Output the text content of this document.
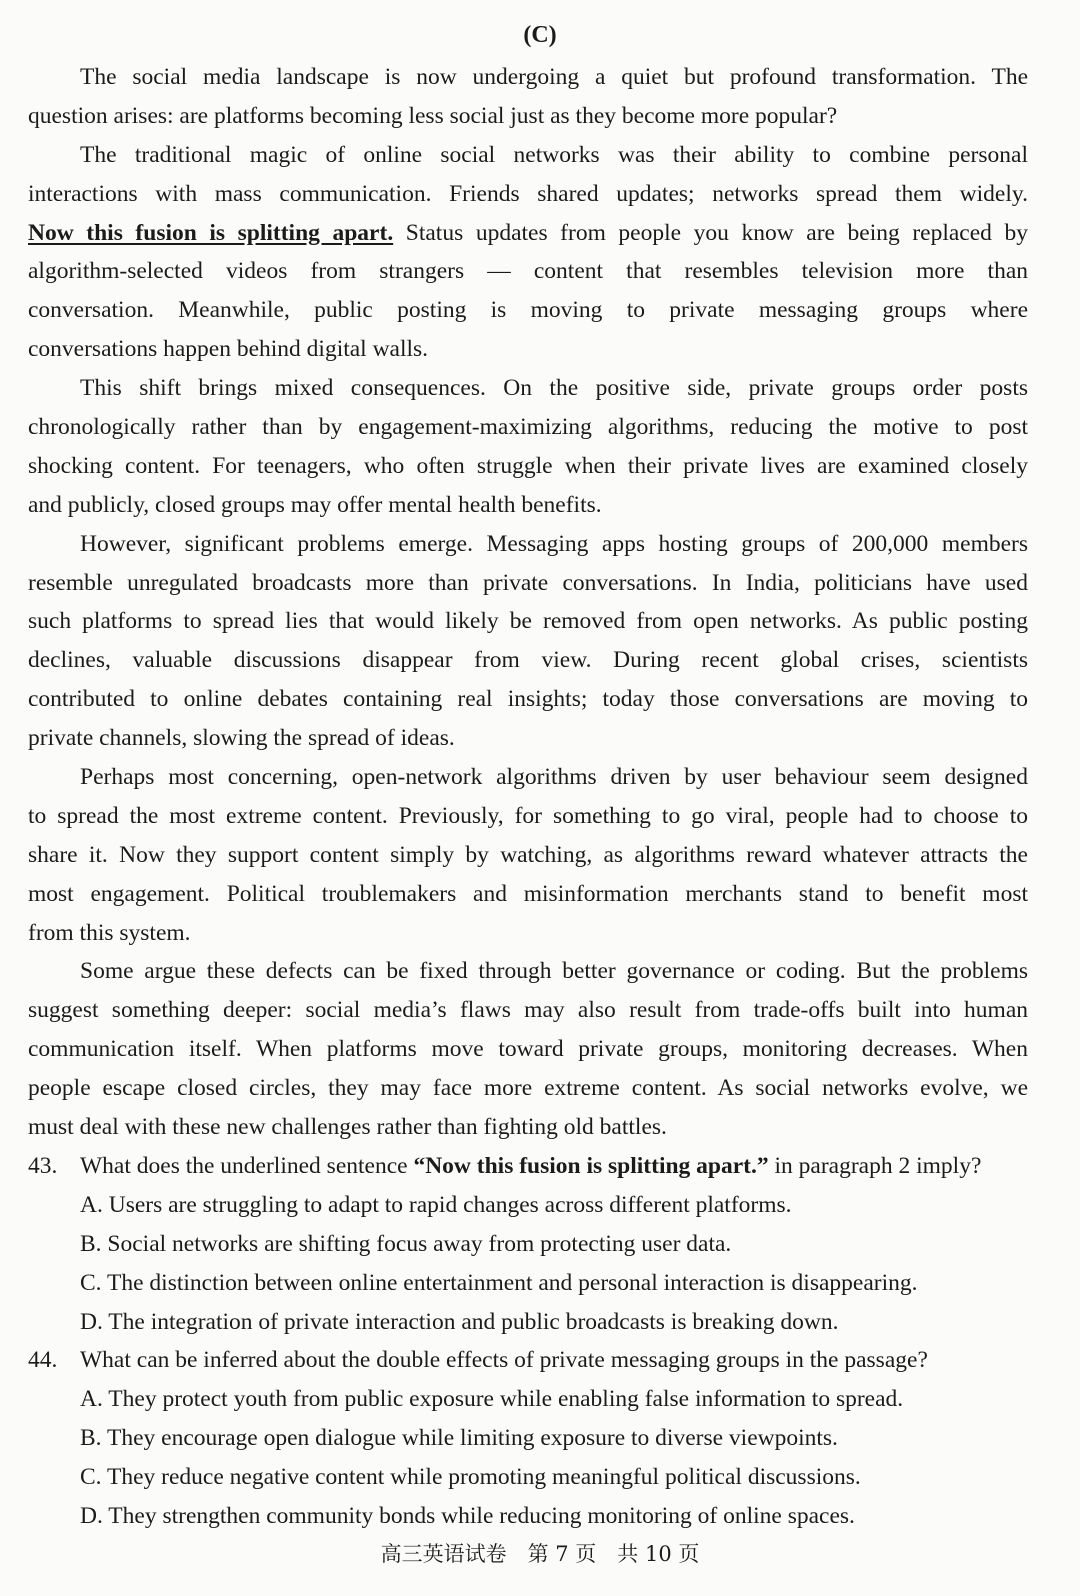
(C)
The social media landscape is now undergoing a quiet but profound transformation. The
question arises: are platforms becoming less social just as they become more popular?
The traditional magic of online social networks was their ability to combine personal
interactions with mass communication. Friends shared updates; networks spread them widely.
Now this fusion is splitting apart. Status updates from people you know are being replaced by
algorithm-selected videos from strangers — content that resembles television more than
conversation. Meanwhile, public posting is moving to private messaging groups where
conversations happen behind digital walls.
This shift brings mixed consequences. On the positive side, private groups order posts
chronologically rather than by engagement-maximizing algorithms, reducing the motive to post
shocking content. For teenagers, who often struggle when their private lives are examined closely
and publicly, closed groups may offer mental health benefits.
However, significant problems emerge. Messaging apps hosting groups of 200,000 members
resemble unregulated broadcasts more than private conversations. In India, politicians have used
such platforms to spread lies that would likely be removed from open networks. As public posting
declines, valuable discussions disappear from view. During recent global crises, scientists
contributed to online debates containing real insights; today those conversations are moving to
private channels, slowing the spread of ideas.
Perhaps most concerning, open-network algorithms driven by user behaviour seem designed
to spread the most extreme content. Previously, for something to go viral, people had to choose to
share it. Now they support content simply by watching, as algorithms reward whatever attracts the
most engagement. Political troublemakers and misinformation merchants stand to benefit most
from this system.
Some argue these defects can be fixed through better governance or coding. But the problems
suggest something deeper: social media’s flaws may also result from trade-offs built into human
communication itself. When platforms move toward private groups, monitoring decreases. When
people escape closed circles, they may face more extreme content. As social networks evolve, we
must deal with these new challenges rather than fighting old battles.
43. What does the underlined sentence “Now this fusion is splitting apart.” in paragraph 2 imply?
A. Users are struggling to adapt to rapid changes across different platforms.
B. Social networks are shifting focus away from protecting user data.
C. The distinction between online entertainment and personal interaction is disappearing.
D. The integration of private interaction and public broadcasts is breaking down.
44. What can be inferred about the double effects of private messaging groups in the passage?
A. They protect youth from public exposure while enabling false information to spread.
B. They encourage open dialogue while limiting exposure to diverse viewpoints.
C. They reduce negative content while promoting meaningful political discussions.
D. They strengthen community bonds while reducing monitoring of online spaces.
高三英语试卷　第 7 页　共 10 页
